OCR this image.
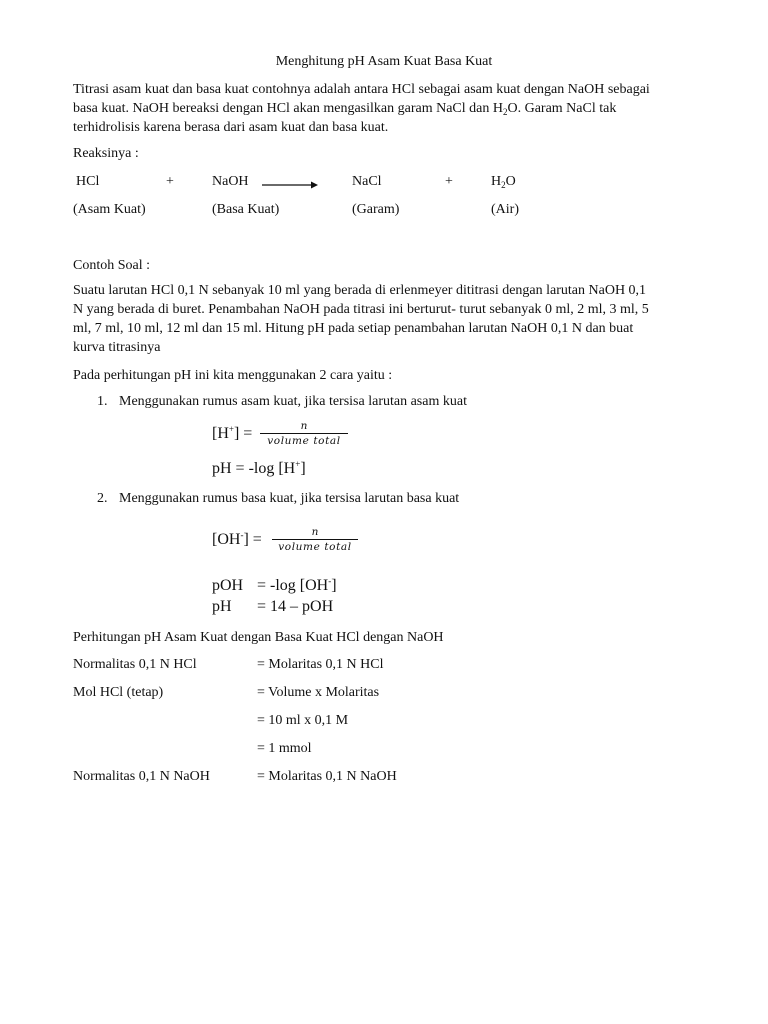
Menghitung pH Asam Kuat Basa Kuat
Titrasi asam kuat dan basa kuat contohnya adalah antara HCl sebagai asam kuat dengan NaOH sebagai
basa kuat. NaOH bereaksi dengan HCl akan mengasilkan garam NaCl dan $H_2O$. Garam NaCl tak
terhidrolisis karena berasa dari asam kuat dan basa kuat.
Reaksinya :
HCl	+	NaOH → NaCl	+	$H_2O$
(Asam Kuat)	(Basa Kuat)	(Garam)	(Air)
Contoh Soal :
Suatu larutan HCl 0,1 N sebanyak 10 ml yang berada di erlenmeyer dititrasi dengan larutan NaOH 0,1
N yang berada di buret. Penambahan NaOH pada titrasi ini berturut- turut sebanyak 0 ml, 2 ml, 3 ml, 5
ml, 7 ml, 10 ml, 12 ml dan 15 ml. Hitung pH pada setiap penambahan larutan NaOH 0,1 N dan buat
kurva titrasinya
Pada perhitungan pH ini kita menggunakan 2 cara yaitu :
1. Menggunakan rumus asam kuat, jika tersisa larutan asam kuat
[H+] =	n
volume total
pH = -log [H+]
2. Menggunakan rumus basa kuat, jika tersisa larutan basa kuat
[OH-] =	n
volume total
pOH = -log [OH-]
pH = 14 – pOH
Perhitungan pH Asam Kuat dengan Basa Kuat HCl dengan NaOH
Normalitas 0,1 N HCl	= Molaritas 0,1 N HCl
Mol HCl (tetap)	= Volume x Molaritas
= 10 ml x 0,1 M
= 1 mmol
Normalitas 0,1 N NaOH	= Molaritas 0,1 N NaOH
